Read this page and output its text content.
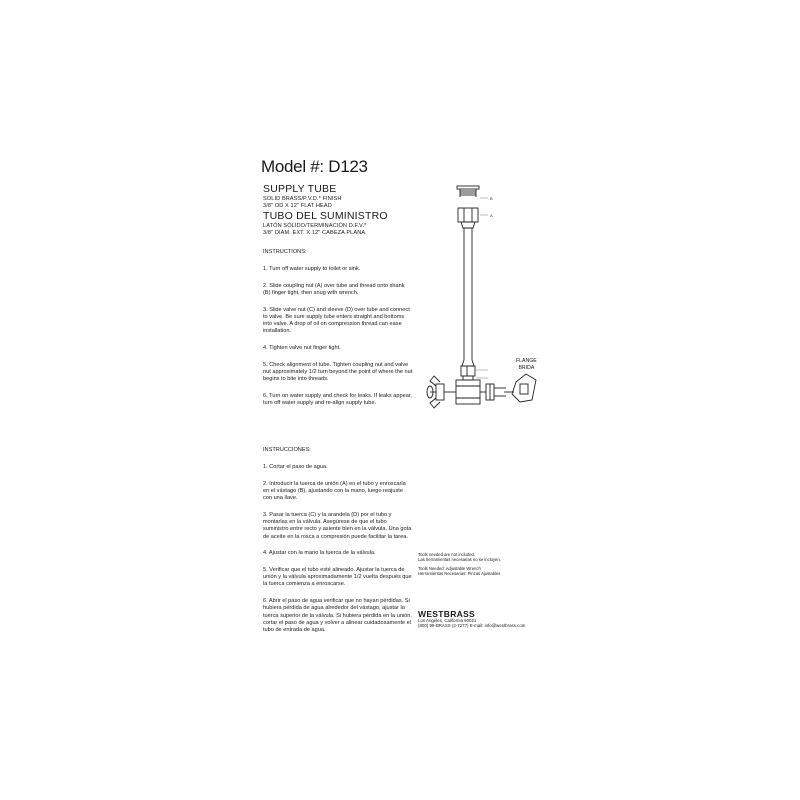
Model #: D123
SUPPLY TUBE
SOLID BRASS/P.V.D.* FINISH
3/8" OD X 12" FLAT HEAD
TUBO DEL SUMINISTRO
LATÓN SÓLIDO/TERMINACIÓN D.F.V.*
3/8" DIÁM. EXT. X 12" CABEZA PLANA

INSTRUCTIONS:

1. Turn off water supply to toilet or sink.

2. Slide coupling nut (A) over tube and thread onto shank (B) finger tight, then snug with wrench.

3. Slide valve nut (C) and sleeve (D) over tube and connect to valve. Be sure supply tube enters straight and bottoms into valve. A drop of oil on compression thread can ease installation.

4. Tighten valve nut finger tight.

5. Check alignment of tube. Tighten coupling nut and valve nut approximately 1/2 turn beyond the point of where the nut begins to bite into threads.

6. Turn on water supply and check for leaks. If leaks appear, turn off water supply and re-align supply tube.

INSTRUCCIONES:

1. Cortar el paso de agua.

2. Introducir la tuerca de unión (A) en el tubo y enroscarla en el vástago (B), ajustando con la mano, luego reajuste con una llave.

3. Pasar la tuerca (C) y la arandela (D) por el tubo y montarlas en la válvula. Asegúrese de que el tubo suministro entre recto y asiente bien en la válvula. Una gota de aceite en la rosca a compresión puede facilitar la tarea.

4. Ajustar con la mano la tuerca de la válvula.

5. Verificar que el tubo esté alineado. Ajustar la tuerca de unión y la válvula aproximadamente 1/2 vuelta después que la tuerca comienza a enroscarse.

6. Abrir el paso de agua verificar que no hayan pérdidas. Si hubiera pérdida de agua alrededor del vástago, ajustar la tuerca superior de la válvula. Si hubiera pérdida en la unión, cortar el paso de agua y volver a alinear cuidadosamente el tubo de entrada de agua.

B
A
FLANGE
BRIDA
Tools needed are not included.
Las herramientas necesarias no se incluyen.
Tools Needed: Adjustable Wrench
Herramientas Necesarias: Pinzas Ajustables
WESTBRASS
Los Angeles, California 90021
(800) 99-BRASS (2-7277) E-mail: info@westbrass.com
